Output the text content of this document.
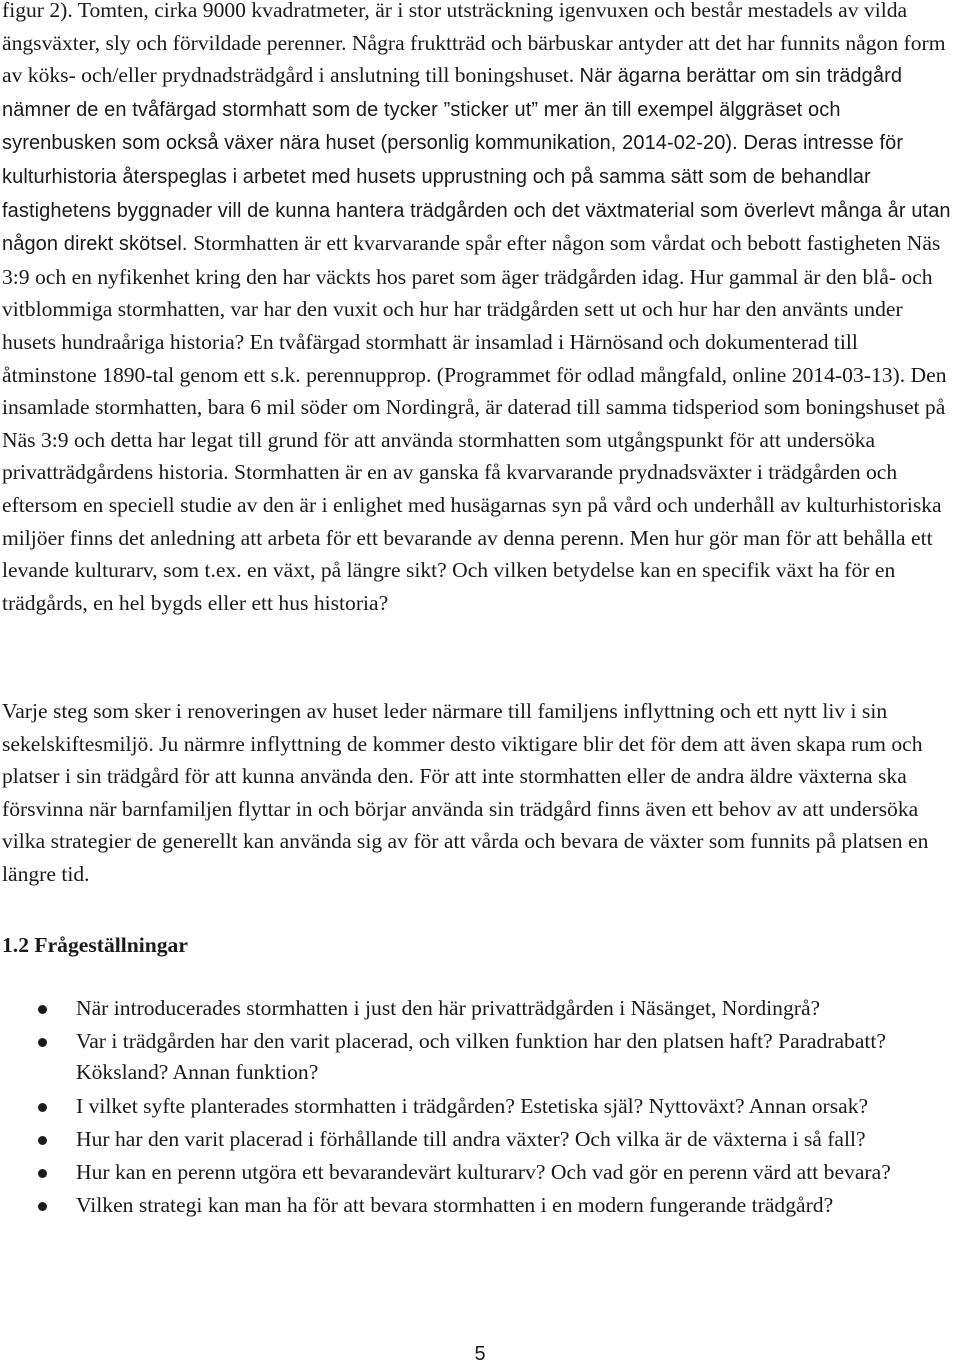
figur 2). Tomten, cirka 9000 kvadratmeter, är i stor utsträckning igenvuxen och består mestadels av vilda ängsväxter, sly och förvildade perenner. Några fruktträd och bärbuskar antyder att det har funnits någon form av köks- och/eller prydnadsträdgård i anslutning till boningshuset. När ägarna berättar om sin trädgård nämner de en tvåfärgad stormhatt som de tycker ”sticker ut” mer än till exempel älggräset och syrenbusken som också växer nära huset (personlig kommunikation, 2014-02-20). Deras intresse för kulturhistoria återspeglas i arbetet med husets upprustning och på samma sätt som de behandlar fastighetens byggnader vill de kunna hantera trädgården och det växtmaterial som överlevt många år utan någon direkt skötsel. Stormhatten är ett kvarvarande spår efter någon som vårdat och bebott fastigheten Näs 3:9 och en nyfikenhet kring den har väckts hos paret som äger trädgården idag. Hur gammal är den blå- och vitblommiga stormhatten, var har den vuxit och hur har trädgården sett ut och hur har den använts under husets hundraåriga historia? En tvåfärgad stormhatt är insamlad i Härnösand och dokumenterad till åtminstone 1890-tal genom ett s.k. perennupprop. (Programmet för odlad mångfald, online 2014-03-13). Den insamlade stormhatten, bara 6 mil söder om Nordingrå, är daterad till samma tidsperiod som boningshuset på Näs 3:9 och detta har legat till grund för att använda stormhatten som utgångspunkt för att undersöka privatträdgårdens historia. Stormhatten är en av ganska få kvarvarande prydnadsväxter i trädgården och eftersom en speciell studie av den är i enlighet med husägarnas syn på vård och underhåll av kulturhistoriska miljöer finns det anledning att arbeta för ett bevarande av denna perenn. Men hur gör man för att behålla ett levande kulturarv, som t.ex. en växt, på längre sikt? Och vilken betydelse kan en specifik växt ha för en trädgårds, en hel bygds eller ett hus historia?

Varje steg som sker i renoveringen av huset leder närmare till familjens inflyttning och ett nytt liv i sin sekelskiftesmiljö. Ju närmre inflyttning de kommer desto viktigare blir det för dem att även skapa rum och platser i sin trädgård för att kunna använda den. För att inte stormhatten eller de andra äldre växterna ska försvinna när barnfamiljen flyttar in och börjar använda sin trädgård finns även ett behov av att undersöka vilka strategier de generellt kan använda sig av för att vårda och bevara de växter som funnits på platsen en längre tid.

1.2 Frågeställningar
När introducerades stormhatten i just den här privatträdgården i Näsänget, Nordingrå?
Var i trädgården har den varit placerad, och vilken funktion har den platsen haft? Paradrabatt? Köksland? Annan funktion?
I vilket syfte planterades stormhatten i trädgården? Estetiska själ? Nyttoväxt? Annan orsak?
Hur har den varit placerad i förhållande till andra växter? Och vilka är de växterna i så fall?
Hur kan en perenn utgöra ett bevarandevärt kulturarv? Och vad gör en perenn värd att bevara?
Vilken strategi kan man ha för att bevara stormhatten i en modern fungerande trädgård?
5
